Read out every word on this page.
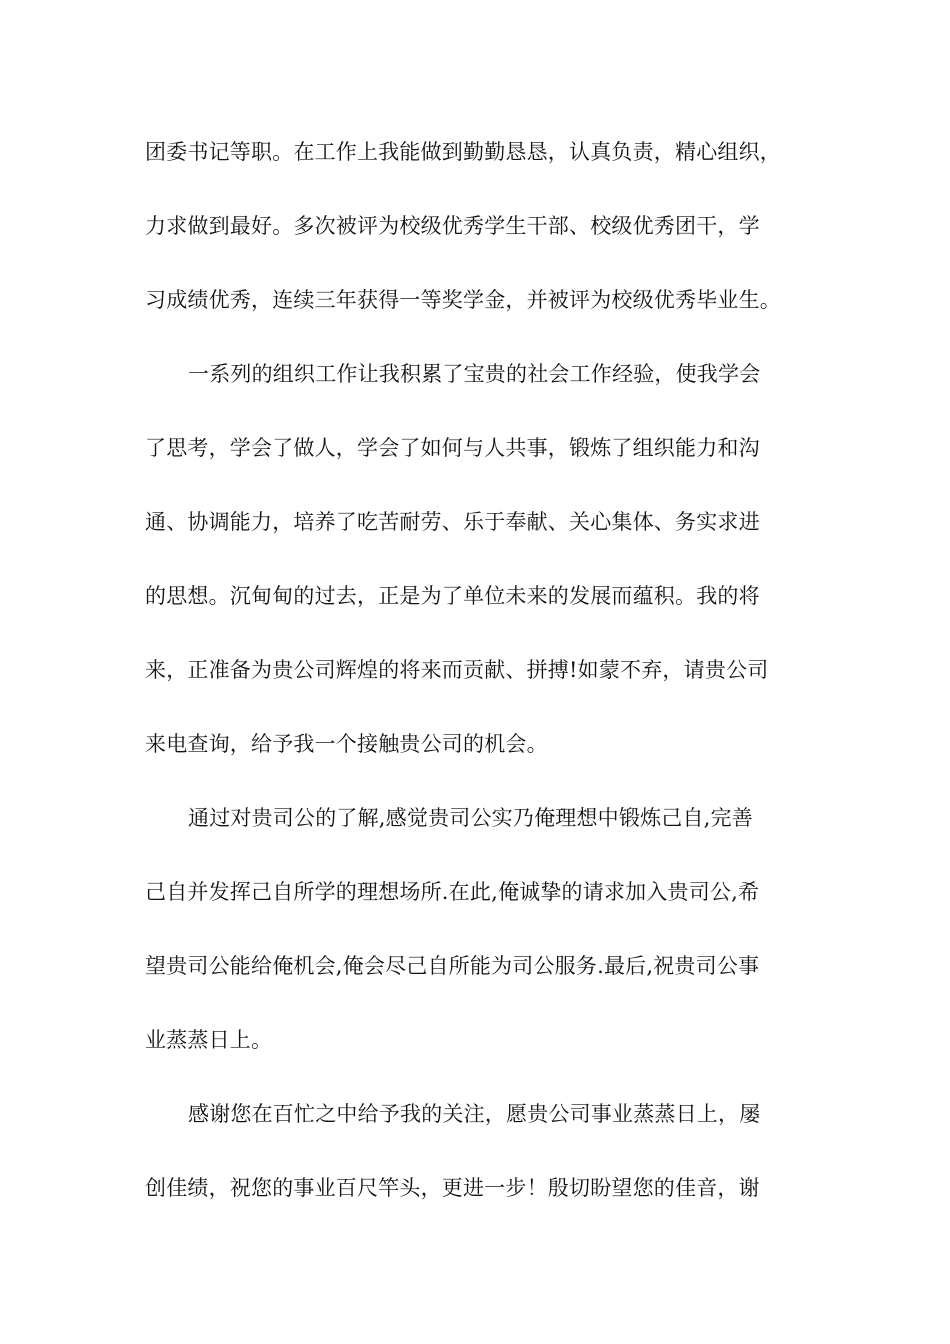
团委书记等职。在工作上我能做到勤勤恳恳，认真负责，精心组织，
力求做到最好。多次被评为校级优秀学生干部、校级优秀团干，学
习成绩优秀，连续三年获得一等奖学金，并被评为校级优秀毕业生。
一系列的组织工作让我积累了宝贵的社会工作经验，使我学会
了思考，学会了做人，学会了如何与人共事，锻炼了组织能力和沟
通、协调能力，培养了吃苦耐劳、乐于奉献、关心集体、务实求进
的思想。沉甸甸的过去，正是为了单位未来的发展而蕴积。我的将
来，正准备为贵公司辉煌的将来而贡献、拼搏!如蒙不弃，请贵公司
来电查询，给予我一个接触贵公司的机会。
通过对贵司公的了解,感觉贵司公实乃俺理想中锻炼己自,完善
己自并发挥己自所学的理想场所.在此,俺诚挚的请求加入贵司公,希
望贵司公能给俺机会,俺会尽己自所能为司公服务.最后,祝贵司公事
业蒸蒸日上。
感谢您在百忙之中给予我的关注，愿贵公司事业蒸蒸日上，屡
创佳绩，祝您的事业百尺竿头，更进一步！殷切盼望您的佳音，谢
